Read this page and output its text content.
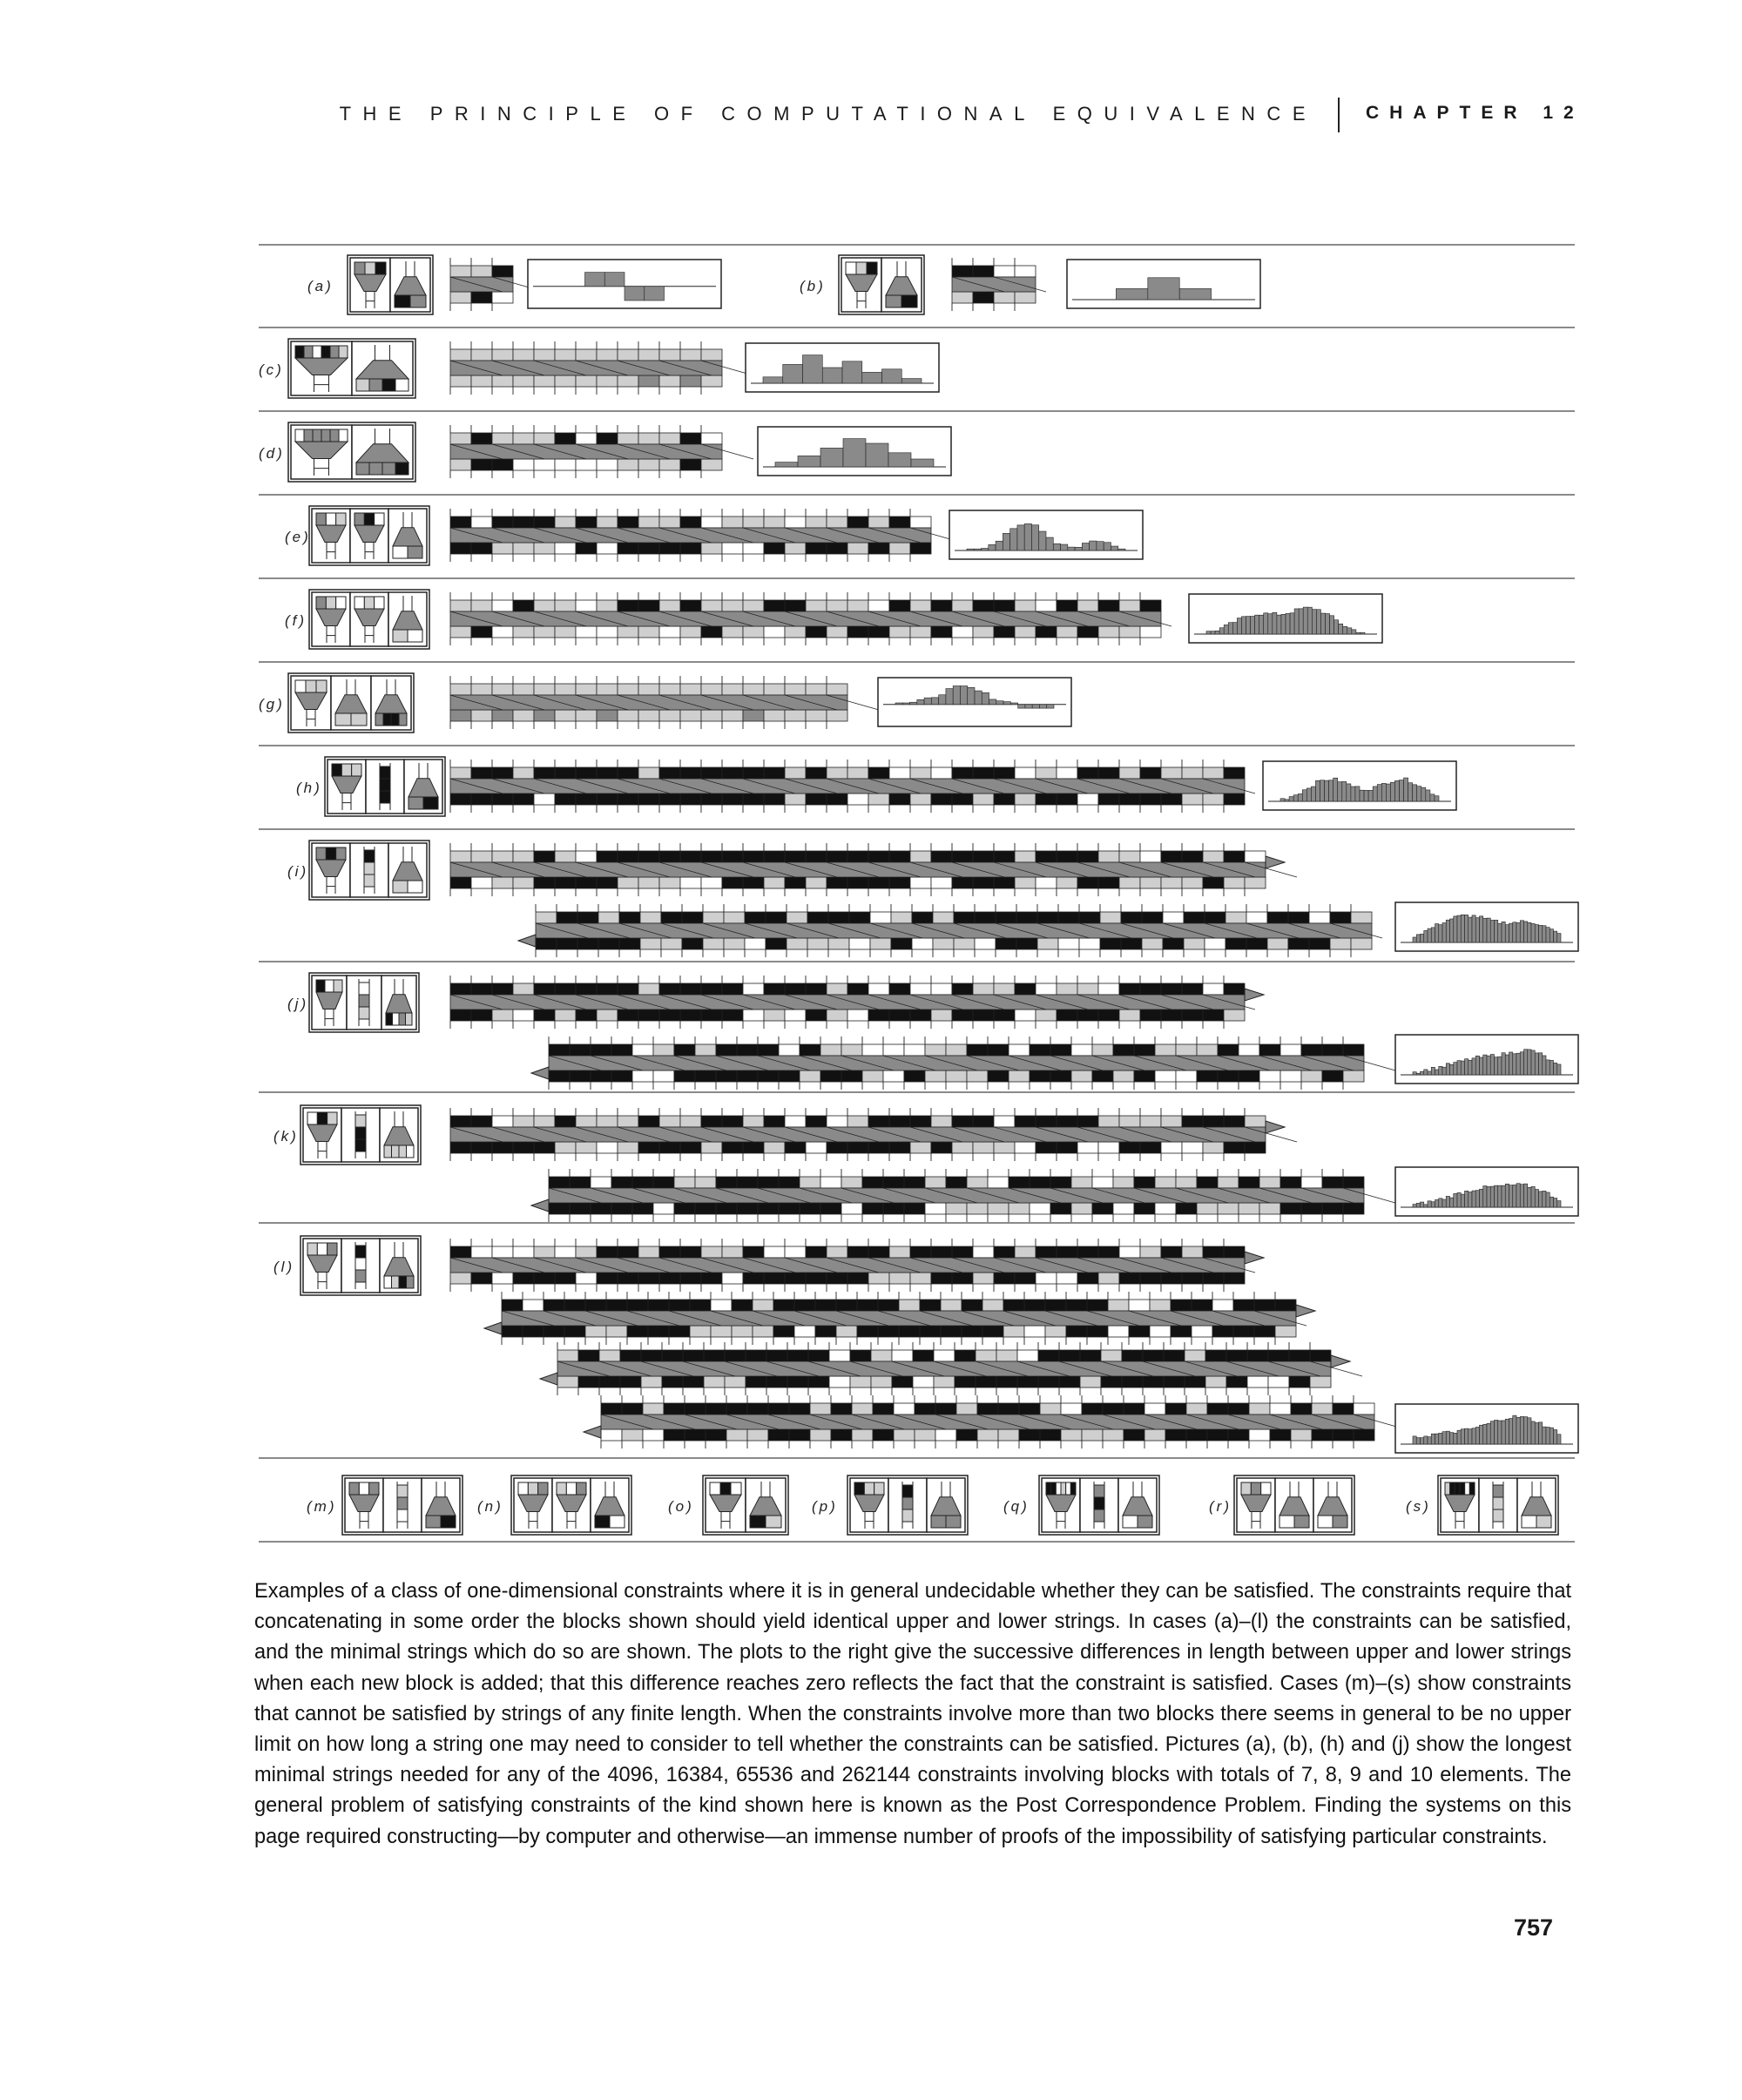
THE PRINCIPLE OF COMPUTATIONAL EQUIVALENCE	CHAPTER 12
(a)	(b)
(c)
(d)
(e)
(f)
(g)
(h)
(i)
(j)
(k)
(l)
(m)	(n)	(o)	(p)	(q)	(r)	(s)
Examples of a class of one-dimensional constraints where it is in general undecidable whether they can be satisfied. The constraints require that concatenating in some order the blocks shown should yield identical upper and lower strings. In cases (a)–(l) the constraints can be satisfied, and the minimal strings which do so are shown. The plots to the right give the successive differences in length between upper and lower strings when each new block is added; that this difference reaches zero reflects the fact that the constraint is satisfied. Cases (m)–(s) show constraints that cannot be satisfied by strings of any finite length. When the constraints involve more than two blocks there seems in general to be no upper limit on how long a string one may need to consider to tell whether the constraints can be satisfied. Pictures (a), (b), (h) and (j) show the longest minimal strings needed for any of the 4096, 16384, 65536 and 262144 constraints involving blocks with totals of 7, 8, 9 and 10 elements. The general problem of satisfying constraints of the kind shown here is known as the Post Correspondence Problem. Finding the systems on this page required constructing—by computer and otherwise—an immense number of proofs of the impossibility of satisfying particular constraints.
757
